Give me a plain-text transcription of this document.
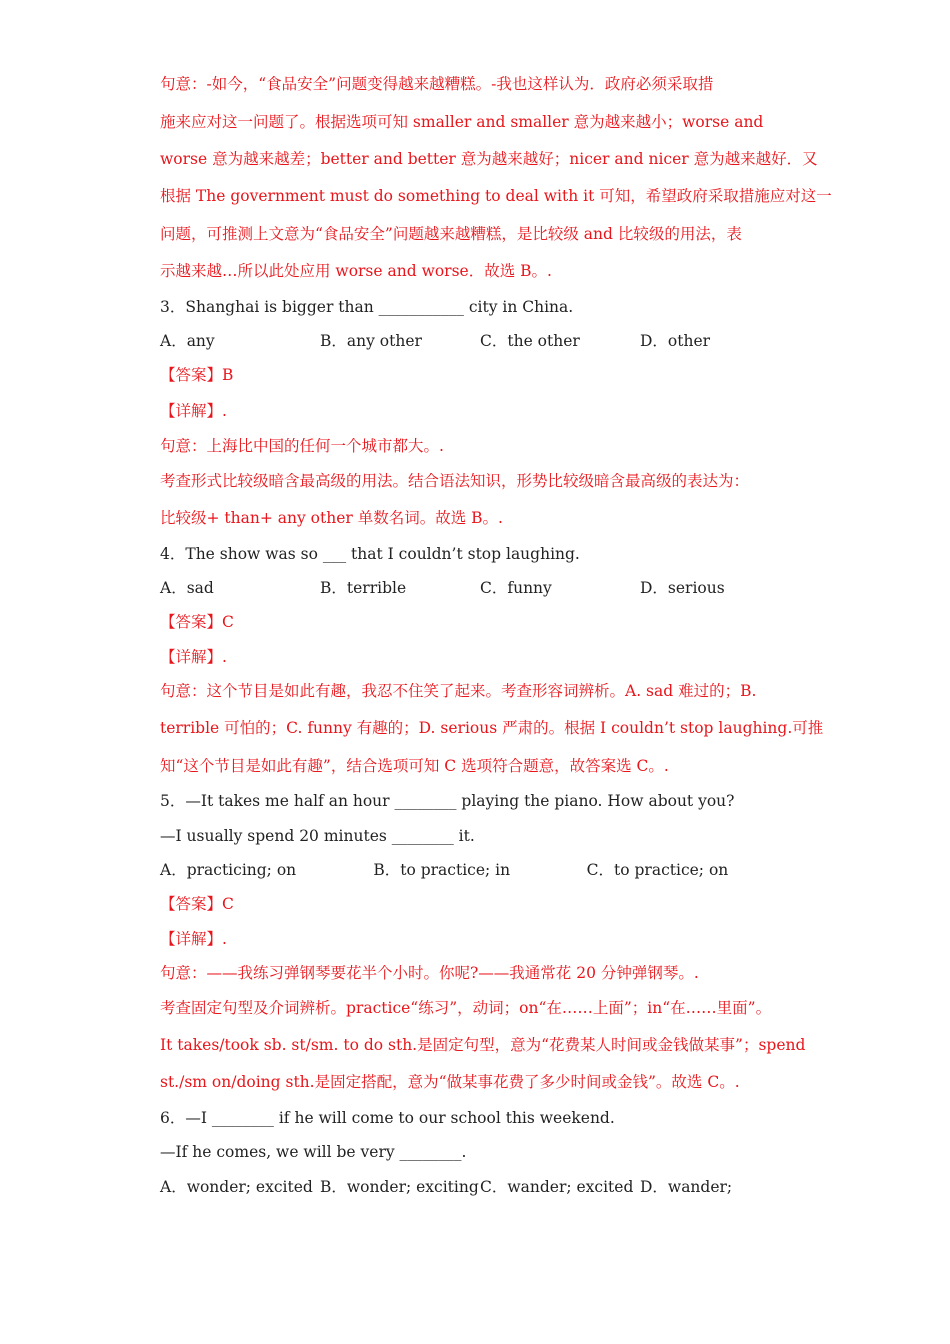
句意：-如今，“食品安全”问题变得越来越糟糕。-我也这样认为．政府必须采取措
施来应对这一问题了。根据选项可知 smaller and smaller 意为越来越小；worse and
worse 意为越来越差；better and better 意为越来越好；nicer and nicer 意为越来越好．又
根据 The government must do something to deal with it 可知，希望政府采取措施应对这一
问题，可推测上文意为“食品安全”问题越来越糟糕，是比较级 and 比较级的用法，表
示越来越…所以此处应用 worse and worse．故选 B。.
3．Shanghai is bigger than ___________ city in China.
A．any	B．any other	C．the other	D．other
【答案】B
【详解】.
句意：上海比中国的任何一个城市都大。.
考查形式比较级暗含最高级的用法。结合语法知识，形势比较级暗含最高级的表达为：
比较级+ than+ any other 单数名词。故选 B。.
4．The show was so ___ that I couldn’t stop laughing.
A．sad	B．terrible	C．funny	D．serious
【答案】C
【详解】.
句意：这个节目是如此有趣，我忍不住笑了起来。考查形容词辨析。A. sad 难过的；B.
terrible 可怕的；C. funny 有趣的；D. serious 严肃的。根据 I couldn’t stop laughing.可推
知“这个节目是如此有趣”，结合选项可知 C 选项符合题意，故答案选 C。.
5．—It takes me half an hour ________ playing the piano. How about you?
—I usually spend 20 minutes ________ it.
A．practicing; on	B．to practice; in	C．to practice; on
【答案】C
【详解】.
句意：——我练习弹钢琴要花半个小时。你呢?——我通常花 20 分钟弹钢琴。.
考查固定句型及介词辨析。practice“练习”，动词；on“在……上面”；in“在……里面”。
It takes/took sb. st/sm. to do sth.是固定句型，意为“花费某人时间或金钱做某事”；spend
st./sm on/doing sth.是固定搭配，意为“做某事花费了多少时间或金钱”。故选 C。.
6．—I ________ if he will come to our school this weekend.
—If he comes, we will be very ________.
A．wonder; excited B．wonder; exciting C．wander; excited D．wander;
